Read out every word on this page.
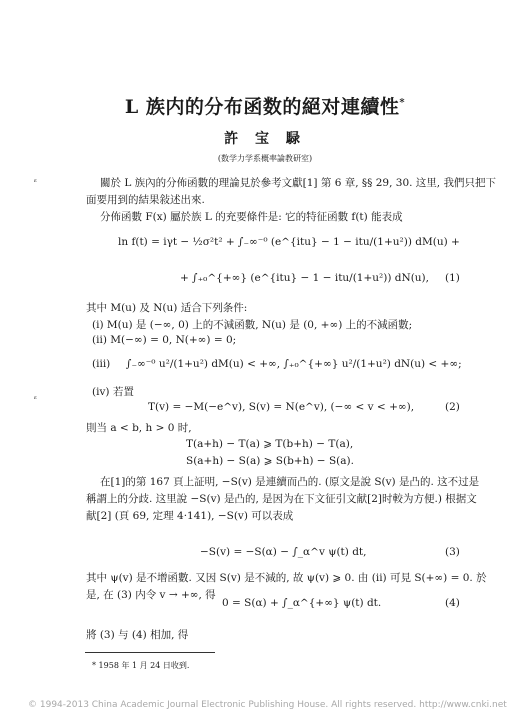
L 族内的分布函数的絕对連續性*
許 宝 騄
(数学力学系概率論教研室)
ᵋ
ᵋ
關於 L 族內的分佈函數的理論見於參考文獻[1] 第 6 章, §§ 29, 30. 这里, 我們只把下
面要用到的結果敍述出來.
分佈函數 F(x) 屬於族 L 的充要條件是: 它的特征函數 f(t) 能表成
ln f(t) = iγt − ½σ²t² + ∫₋∞⁻⁰ (e^{itu} − 1 − itu/(1+u²)) dM(u) +
+ ∫₊₀^{+∞} (e^{itu} − 1 − itu/(1+u²)) dN(u), (1)
其中 M(u) 及 N(u) 适合下列条件:
(i) M(u) 是 (−∞, 0) 上的不減函數, N(u) 是 (0, +∞) 上的不減函數;
(ii) M(−∞) = 0, N(+∞) = 0;
(iii) ∫₋∞⁻⁰ u²/(1+u²) dM(u) < +∞, ∫₊₀^{+∞} u²/(1+u²) dN(u) < +∞;
(iv) 若置
T(v) = −M(−e^v), S(v) = N(e^v), (−∞ < v < +∞),	(2)
則当 a < b, h > 0 时,
T(a+h) − T(a) ⩾ T(b+h) − T(a),
S(a+h) − S(a) ⩾ S(b+h) − S(a).
在[1]的第 167 頁上証明, −S(v) 是連續而凸的. (原文是說 S(v) 是凸的. 这不过是
稱謂上的分歧. 这里說 −S(v) 是凸的, 是因为在下文征引文献[2]时較为方便.) 根据文
献[2] (頁 69, 定理 4·141), −S(v) 可以表成
−S(v) = −S(α) − ∫_α^v ψ(t) dt,	(3)
其中 ψ(v) 是不增函數. 又因 S(v) 是不減的, 故 ψ(v) ⩾ 0. 由 (ii) 可見 S(+∞) = 0. 於
是, 在 (3) 内令 v → +∞, 得
0 = S(α) + ∫_α^{+∞} ψ(t) dt.	(4)
將 (3) 与 (4) 相加, 得
* 1958 年 1 月 24 日收到.
© 1994-2013 China Academic Journal Electronic Publishing House. All rights reserved. http://www.cnki.net
